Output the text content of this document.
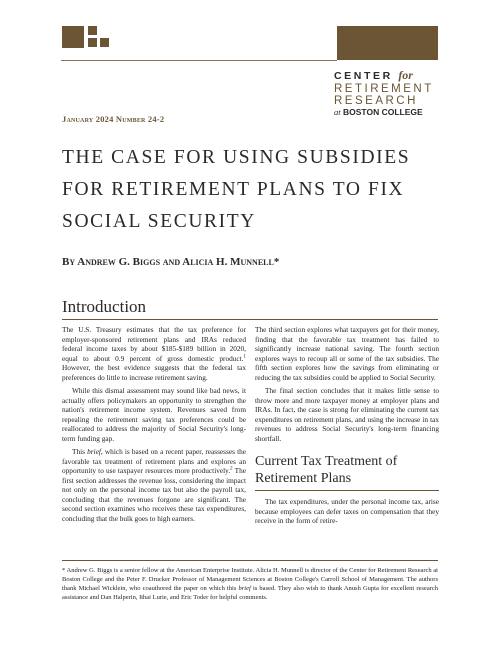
CENTER for
RETIREMENT
RESEARCH
at BOSTON COLLEGE
January 2024 Number 24-2
THE CASE FOR USING SUBSIDIES FOR RETIREMENT PLANS TO FIX SOCIAL SECURITY
By Andrew G. Biggs and Alicia H. Munnell*
Introduction

The U.S. Treasury estimates that the tax preference for employer-sponsored retirement plans and IRAs reduced federal income taxes by about $185-$189 billion in 2020, equal to about 0.9 percent of gross domestic product.$^1$ However, the best evidence suggests that the federal tax preferences do little to increase retirement saving.

While this dismal assessment may sound like bad news, it actually offers policymakers an opportunity to strengthen the nation's retirement income system. Revenues saved from repealing the retirement saving tax preferences could be reallocated to address the majority of Social Security's long-term funding gap.

This brief, which is based on a recent paper, reassesses the favorable tax treatment of retirement plans and explores an opportunity to use taxpayer resources more productively.$^2$ The first section addresses the revenue loss, considering the impact not only on the personal income tax but also the payroll tax, concluding that the revenues forgone are significant. The second section examines who receives these tax expenditures, concluding that the bulk goes to high earners.

The third section explores what taxpayers get for their money, finding that the favorable tax treatment has failed to significantly increase national saving. The fourth section explores ways to recoup all or some of the tax subsidies. The fifth section explores how the savings from eliminating or reducing the tax subsidies could be applied to Social Security.

The final section concludes that it makes little sense to throw more and more taxpayer money at employer plans and IRAs. In fact, the case is strong for eliminating the current tax expenditures on retirement plans, and using the increase in tax revenues to address Social Security's long-term financing shortfall.

Current Tax Treatment of
Retirement Plans

The tax expenditures, under the personal income tax, arise because employees can defer taxes on compensation that they receive in the form of retire-

* Andrew G. Biggs is a senior fellow at the American Enterprise Institute. Alicia H. Munnell is director of the Center for Retirement Research at Boston College and the Peter F. Drucker Professor of Management Sciences at Boston College's Carroll School of Management. The authors thank Michael Wicklein, who coauthored the paper on which this brief is based. They also wish to thank Anush Gupta for excellent research assistance and Dan Halperin, Ithai Lurie, and Eric Toder for helpful comments.
